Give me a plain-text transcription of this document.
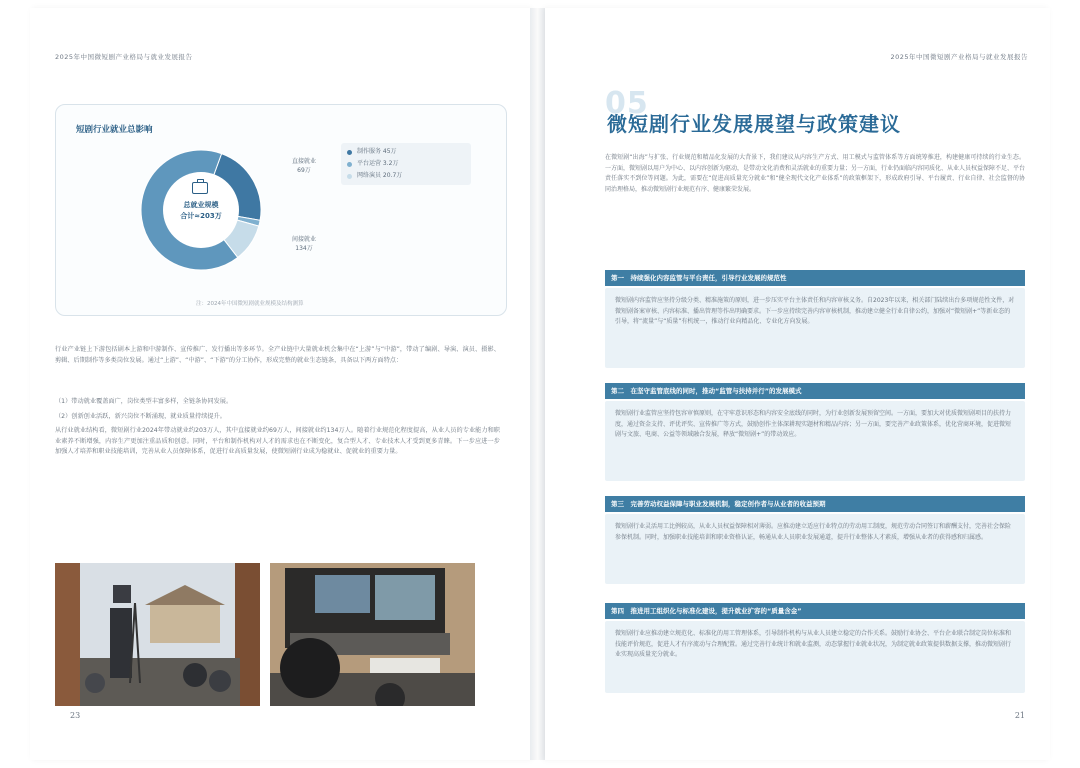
2025年中国微短剧产业格局与就业发展报告
短剧行业就业总影响
总就业规模
合计≈203万
直接就业
69万
间接就业
134万
制作服务 45万
平台运营 3.2万
网络演员 20.7万
注：2024年中国微短剧就业规模及结构测算
行业产业链上下游包括剧本上游和中游制作、宣传推广、发行播出等多环节。全产业链中大量就业机会集中在“上游”与“中游”，带动了编剧、导演、演员、摄影、剪辑、后期制作等多类岗位发展。通过“上游”、“中游”、“下游”的分工协作，形成完整的就业生态链条，具备以下两方面特点：
（1）带动就业覆盖面广，岗位类型丰富多样，全链条协同发展。
（2）创新创业活跃，新兴岗位不断涌现，就业质量持续提升。
从行业就业结构看，微短剧行业2024年带动就业约203万人，其中直接就业约69万人，间接就业约134万人。随着行业规范化程度提高，从业人员的专业能力和职业素养不断增强，内容生产更加注重品质和创意。同时，平台和制作机构对人才的需求也在不断变化，复合型人才、专业技术人才受到更多青睐。下一步应进一步加强人才培养和职业技能培训，完善从业人员保障体系，促进行业高质量发展，使微短剧行业成为稳就业、促就业的重要力量。
23
2025年中国微短剧产业格局与就业发展报告
05
微短剧行业发展展望与政策建议
在微短剧“出海”与扩张、行业规范和精品化发展的大背景下，我们建议从内容生产方式、用工模式与监管体系等方面统筹推进，构建健康可持续的行业生态。一方面，微短剧以用户为中心、以内容创新为驱动，是带动文化消费和灵活就业的重要力量；另一方面，行业仍面临内容同质化、从业人员权益保障不足、平台责任落实不到位等问题。为此，需要在“促进高质量充分就业”和“健全现代文化产业体系”的政策框架下，形成政府引导、平台履责、行业自律、社会监督的协同治理格局，推动微短剧行业规范有序、健康繁荣发展。
第一　持续强化内容监管与平台责任，引导行业发展的规范性
微短剧内容监管应坚持分级分类、精准施策的原则，进一步压实平台主体责任和内容审核义务。自2023年以来，相关部门陆续出台多项规范性文件，对微短剧备案审核、内容标准、播出管理等作出明确要求。下一步应持续完善内容审核机制，推动建立健全行业自律公约，加强对“微短剧+”等新业态的引导，将“流量”与“质量”有机统一，推动行业向精品化、专业化方向发展。
第二　在坚守监管底线的同时，推动“监管与扶持并行”的发展模式
微短剧行业监管应坚持包容审慎原则，在守牢意识形态和内容安全底线的同时，为行业创新发展预留空间。一方面，要加大对优质微短剧项目的扶持力度，通过资金支持、评优评奖、宣传推广等方式，鼓励创作主体深耕现实题材和精品内容；另一方面，要完善产业政策体系，优化营商环境，促进微短剧与文旅、电商、公益等领域融合发展，释放“微短剧+”的带动效应。
第三　完善劳动权益保障与职业发展机制，稳定创作者与从业者的收益预期
微短剧行业灵活用工比例较高，从业人员权益保障相对薄弱。应推动建立适应行业特点的劳动用工制度，规范劳动合同签订和薪酬支付，完善社会保险参保机制。同时，加强职业技能培训和职业资格认证，畅通从业人员职业发展通道，提升行业整体人才素质，增强从业者的获得感和归属感。
第四　推进用工组织化与标准化建设，提升就业扩容的“质量含金”
微短剧行业应推动建立规范化、标准化的用工管理体系，引导制作机构与从业人员建立稳定的合作关系。鼓励行业协会、平台企业联合制定岗位标准和技能评价规范，促进人才有序流动与合理配置。通过完善行业统计和就业监测，动态掌握行业就业状况，为制定就业政策提供数据支撑，推动微短剧行业实现高质量充分就业。
21
